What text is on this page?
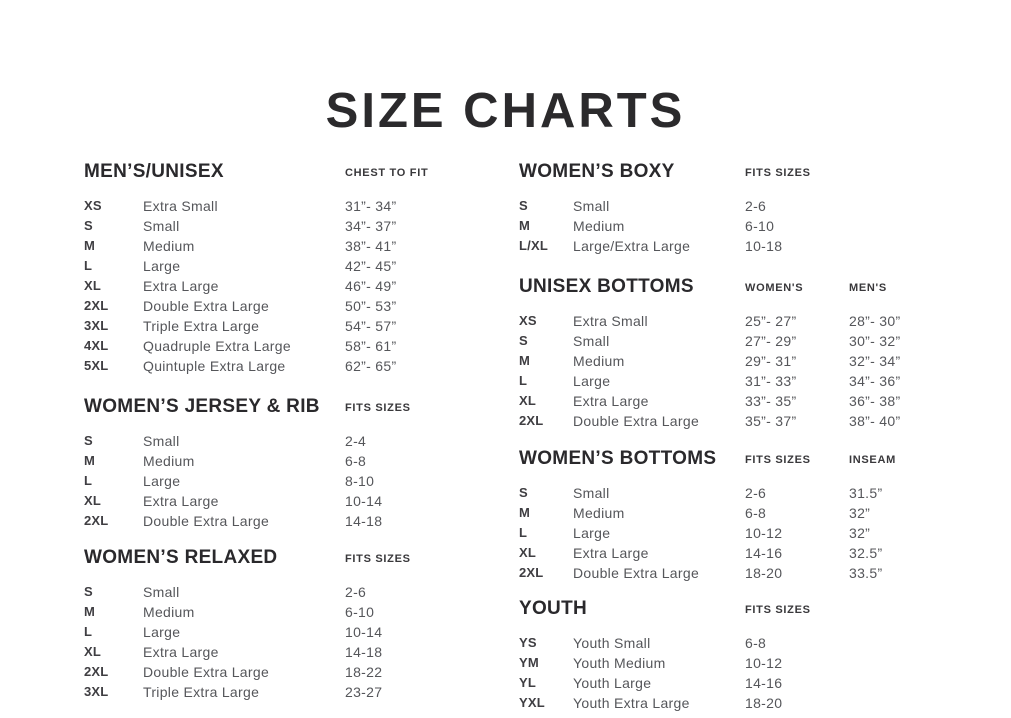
SIZE CHARTS
MEN’S/UNISEX	CHEST TO FIT
XS	Extra Small	31”- 34”
S	Small	34”- 37”
M	Medium	38”- 41”
L	Large	42”- 45”
XL	Extra Large	46”- 49”
2XL Double Extra Large	50”- 53”
3XL Triple Extra Large	54”- 57”
4XL Quadruple Extra Large	58”- 61”
5XL Quintuple Extra Large	62”- 65”
WOMEN’S JERSEY & RIB FITS SIZES
S	Small	2-4
M	Medium	6-8
L	Large	8-10
XL	Extra Large	10-14
2XL Double Extra Large	14-18
WOMEN’S RELAXED	FITS SIZES
S	Small	2-6
M	Medium	6-10
L	Large	10-14
XL	Extra Large	14-18
2XL Double Extra Large	18-22
3XL Triple Extra Large	23-27
WOMEN’S BOXY	FITS SIZES
S	Small	2-6
M	Medium	6-10
L/XL Large/Extra Large	10-18
UNISEX BOTTOMS	WOMEN'S	MEN'S
XS	Extra Small	25”- 27”	28”- 30”
S	Small	27”- 29”	30”- 32”
M	Medium	29”- 31”	32”- 34”
L	Large	31”- 33”	34”- 36”
XL	Extra Large	33”- 35”	36”- 38”
2XL Double Extra Large	35”- 37”	38”- 40”
WOMEN’S BOTTOMS	FITS SIZES	INSEAM
S	Small	2-6	31.5”
M	Medium	6-8	32”
L	Large	10-12	32”
XL	Extra Large	14-16	32.5”
2XL Double Extra Large	18-20	33.5”
YOUTH	FITS SIZES
YS	Youth Small	6-8
YM Youth Medium	10-12
YL	Youth Large	14-16
YXL Youth Extra Large	18-20
